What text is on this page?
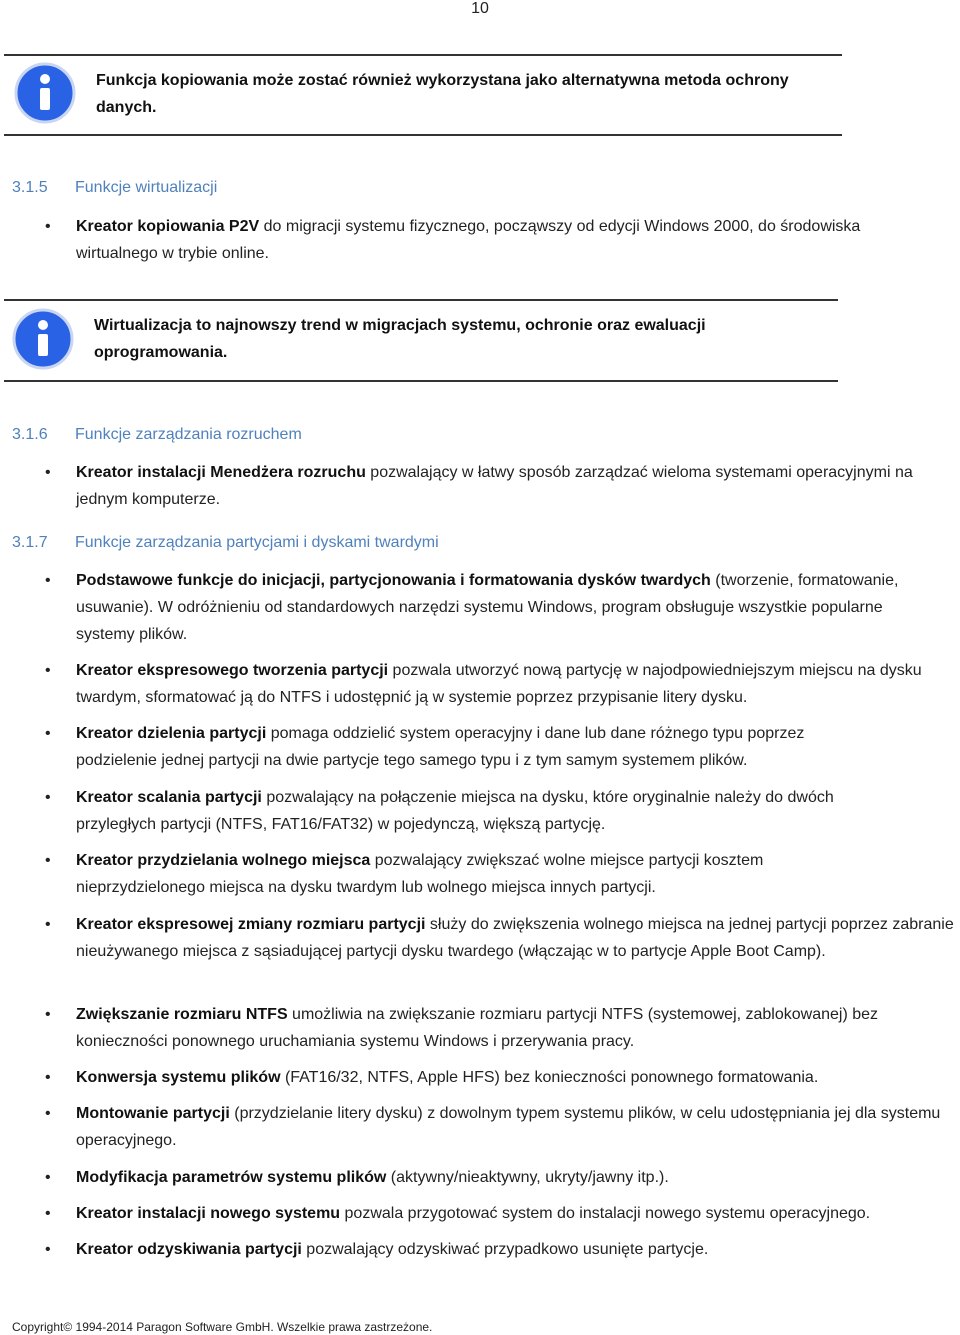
10
Funkcja kopiowania może zostać również wykorzystana jako alternatywna metoda ochrony danych.
3.1.5 Funkcje wirtualizacji
• Kreator kopiowania P2V do migracji systemu fizycznego, począwszy od edycji Windows 2000, do środowiska wirtualnego w trybie online.
Wirtualizacja to najnowszy trend w migracjach systemu, ochronie oraz ewaluacji oprogramowania.
3.1.6 Funkcje zarządzania rozruchem
• Kreator instalacji Menedżera rozruchu pozwalający w łatwy sposób zarządzać wieloma systemami operacyjnymi na jednym komputerze.
3.1.7 Funkcje zarządzania partycjami i dyskami twardymi
• Podstawowe funkcje do inicjacji, partycjonowania i formatowania dysków twardych (tworzenie, formatowanie, usuwanie). W odróżnieniu od standardowych narzędzi systemu Windows, program obsługuje wszystkie popularne systemy plików.
• Kreator ekspresowego tworzenia partycji pozwala utworzyć nową partycję w najodpowiedniejszym miejscu na dysku twardym, sformatować ją do NTFS i udostępnić ją w systemie poprzez przypisanie litery dysku.
• Kreator dzielenia partycji pomaga oddzielić system operacyjny i dane lub dane różnego typu poprzez podzielenie jednej partycji na dwie partycje tego samego typu i z tym samym systemem plików.
• Kreator scalania partycji pozwalający na połączenie miejsca na dysku, które oryginalnie należy do dwóch przyległych partycji (NTFS, FAT16/FAT32) w pojedynczą, większą partycję.
• Kreator przydzielania wolnego miejsca pozwalający zwiększać wolne miejsce partycji kosztem nieprzydzielonego miejsca na dysku twardym lub wolnego miejsca innych partycji.
• Kreator ekspresowej zmiany rozmiaru partycji służy do zwiększenia wolnego miejsca na jednej partycji poprzez zabranie nieużywanego miejsca z sąsiadującej partycji dysku twardego (włączając w to partycje Apple Boot Camp).
• Zwiększanie rozmiaru NTFS umożliwia na zwiększanie rozmiaru partycji NTFS (systemowej, zablokowanej) bez konieczności ponownego uruchamiania systemu Windows i przerywania pracy.
• Konwersja systemu plików (FAT16/32, NTFS, Apple HFS) bez konieczności ponownego formatowania.
• Montowanie partycji (przydzielanie litery dysku) z dowolnym typem systemu plików, w celu udostępniania jej dla systemu operacyjnego.
• Modyfikacja parametrów systemu plików (aktywny/nieaktywny, ukryty/jawny itp.).
• Kreator instalacji nowego systemu pozwala przygotować system do instalacji nowego systemu operacyjnego.
• Kreator odzyskiwania partycji pozwalający odzyskiwać przypadkowo usunięte partycje.
Copyright© 1994-2014 Paragon Software GmbH. Wszelkie prawa zastrzeżone.
